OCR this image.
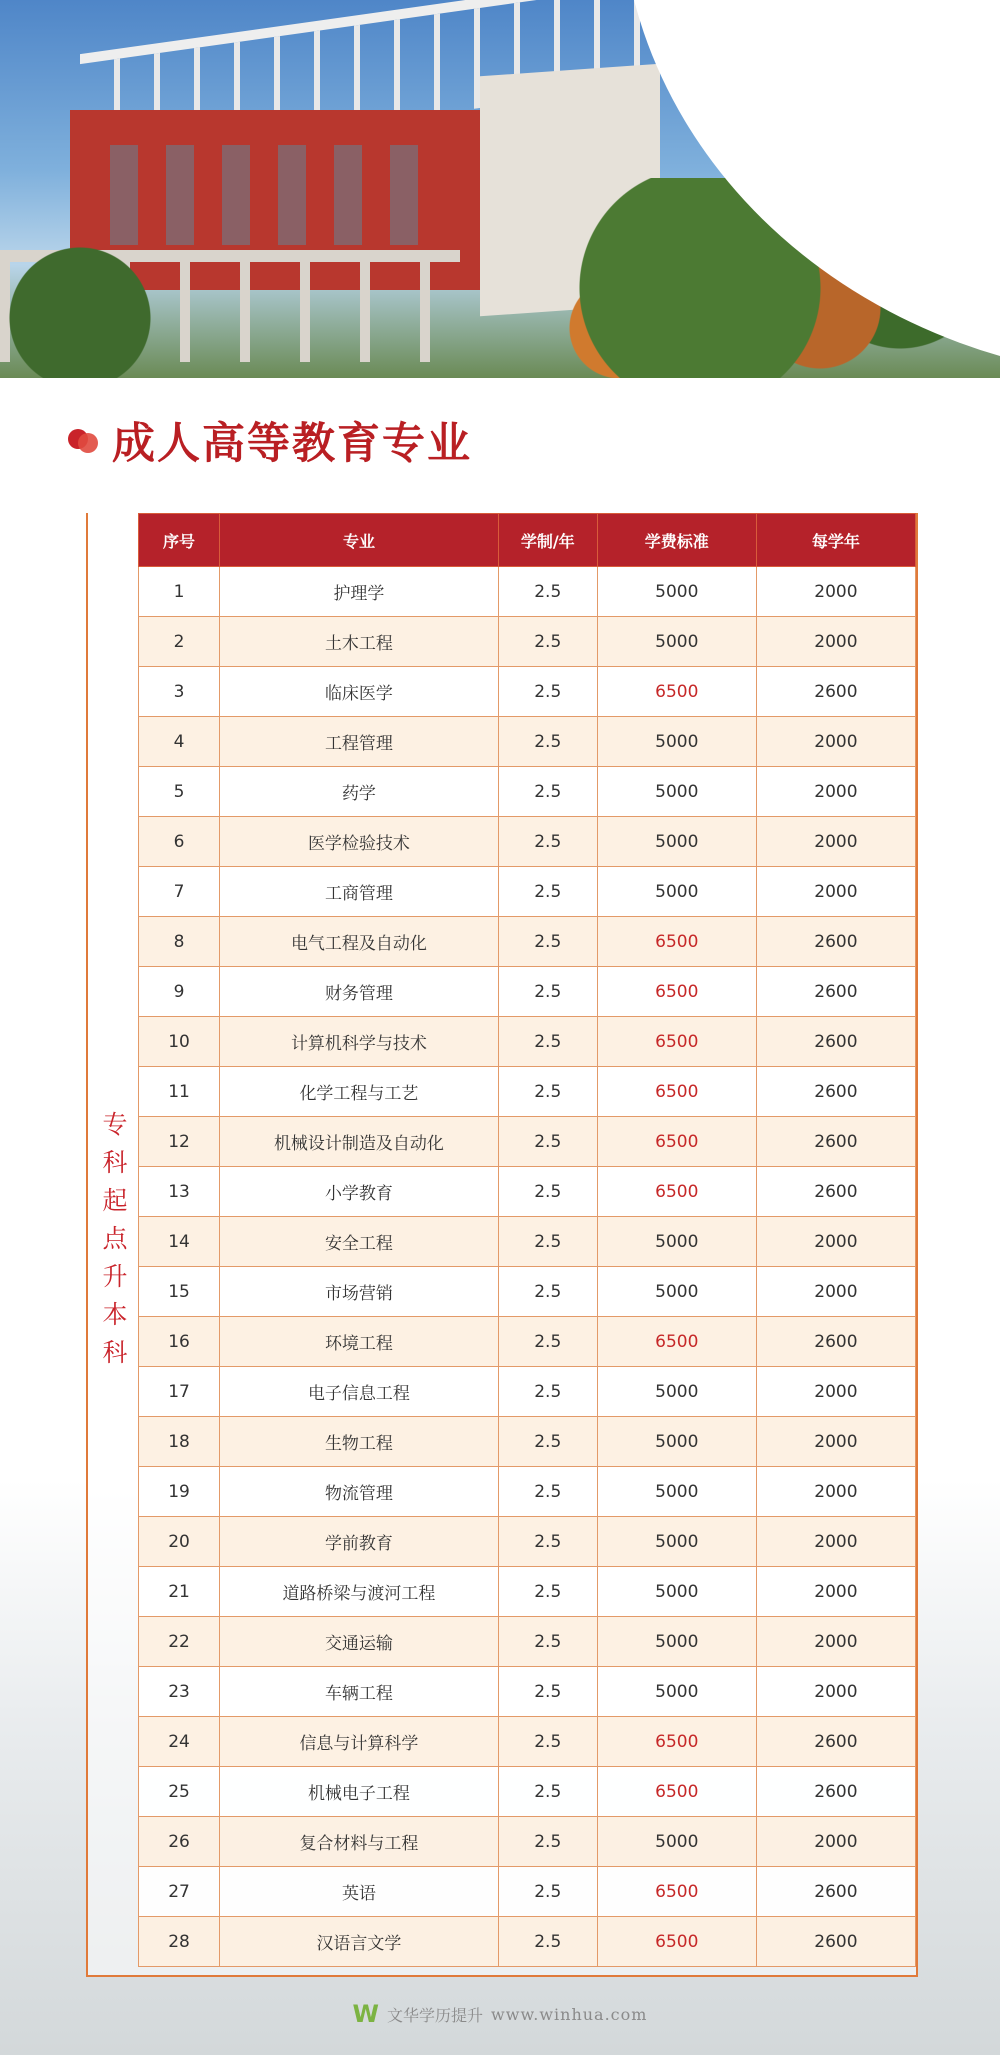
成人高等教育专业
专科起点升本科
序号	专业	学制/年	学费标准	每学年
1	护理学	2.5	5000	2000
2	土木工程	2.5	5000	2000
3	临床医学	2.5	6500	2600
4	工程管理	2.5	5000	2000
5	药学	2.5	5000	2000
6	医学检验技术	2.5	5000	2000
7	工商管理	2.5	5000	2000
8	电气工程及自动化	2.5	6500	2600
9	财务管理	2.5	6500	2600
10	计算机科学与技术	2.5	6500	2600
11	化学工程与工艺	2.5	6500	2600
12	机械设计制造及自动化	2.5	6500	2600
13	小学教育	2.5	6500	2600
14	安全工程	2.5	5000	2000
15	市场营销	2.5	5000	2000
16	环境工程	2.5	6500	2600
17	电子信息工程	2.5	5000	2000
18	生物工程	2.5	5000	2000
19	物流管理	2.5	5000	2000
20	学前教育	2.5	5000	2000
21	道路桥梁与渡河工程	2.5	5000	2000
22	交通运输	2.5	5000	2000
23	车辆工程	2.5	5000	2000
24	信息与计算科学	2.5	6500	2600
25	机械电子工程	2.5	6500	2600
26	复合材料与工程	2.5	5000	2000
27	英语	2.5	6500	2600
28	汉语言文学	2.5	6500	2600
W 文华学历提升 www.winhua.com
